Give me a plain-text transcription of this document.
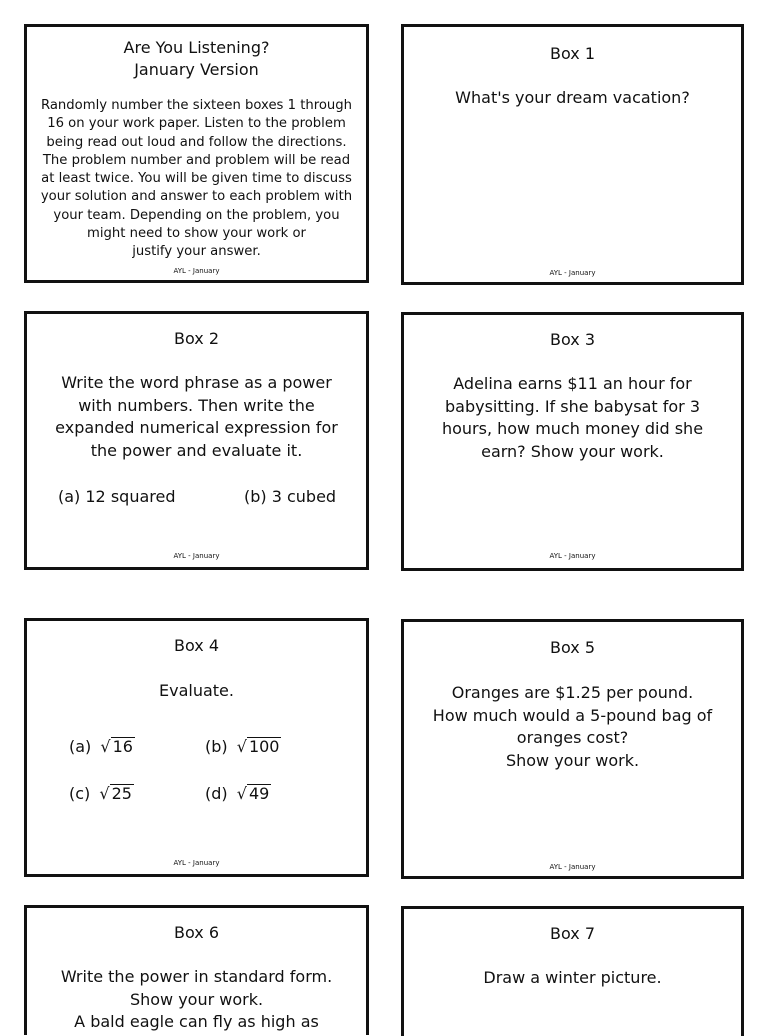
Are You Listening?
January Version
Randomly number the sixteen boxes 1 through
16 on your work paper. Listen to the problem
being read out loud and follow the directions.
The problem number and problem will be read
at least twice. You will be given time to discuss
your solution and answer to each problem with
your team. Depending on the problem, you
might need to show your work or
justify your answer.
AYL - January
Box 1
What's your dream vacation?
AYL - January
Box 2
Write the word phrase as a power
with numbers. Then write the
expanded numerical expression for
the power and evaluate it.
(a) 12 squared	(b) 3 cubed
AYL - January
Box 3
Adelina earns $11 an hour for
babysitting. If she babysat for 3
hours, how much money did she
earn? Show your work.
AYL - January
Box 4
Evaluate.
(a) √ 16	(b) √ 100
(c) √ 25	(d) √ 49
AYL - January
Box 5
Oranges are $1.25 per pound.
How much would a 5-pound bag of
oranges cost?
Show your work.
AYL - January
Box 6
Write the power in standard form.
Show your work.
A bald eagle can fly as high as
Box 7
Draw a winter picture.
